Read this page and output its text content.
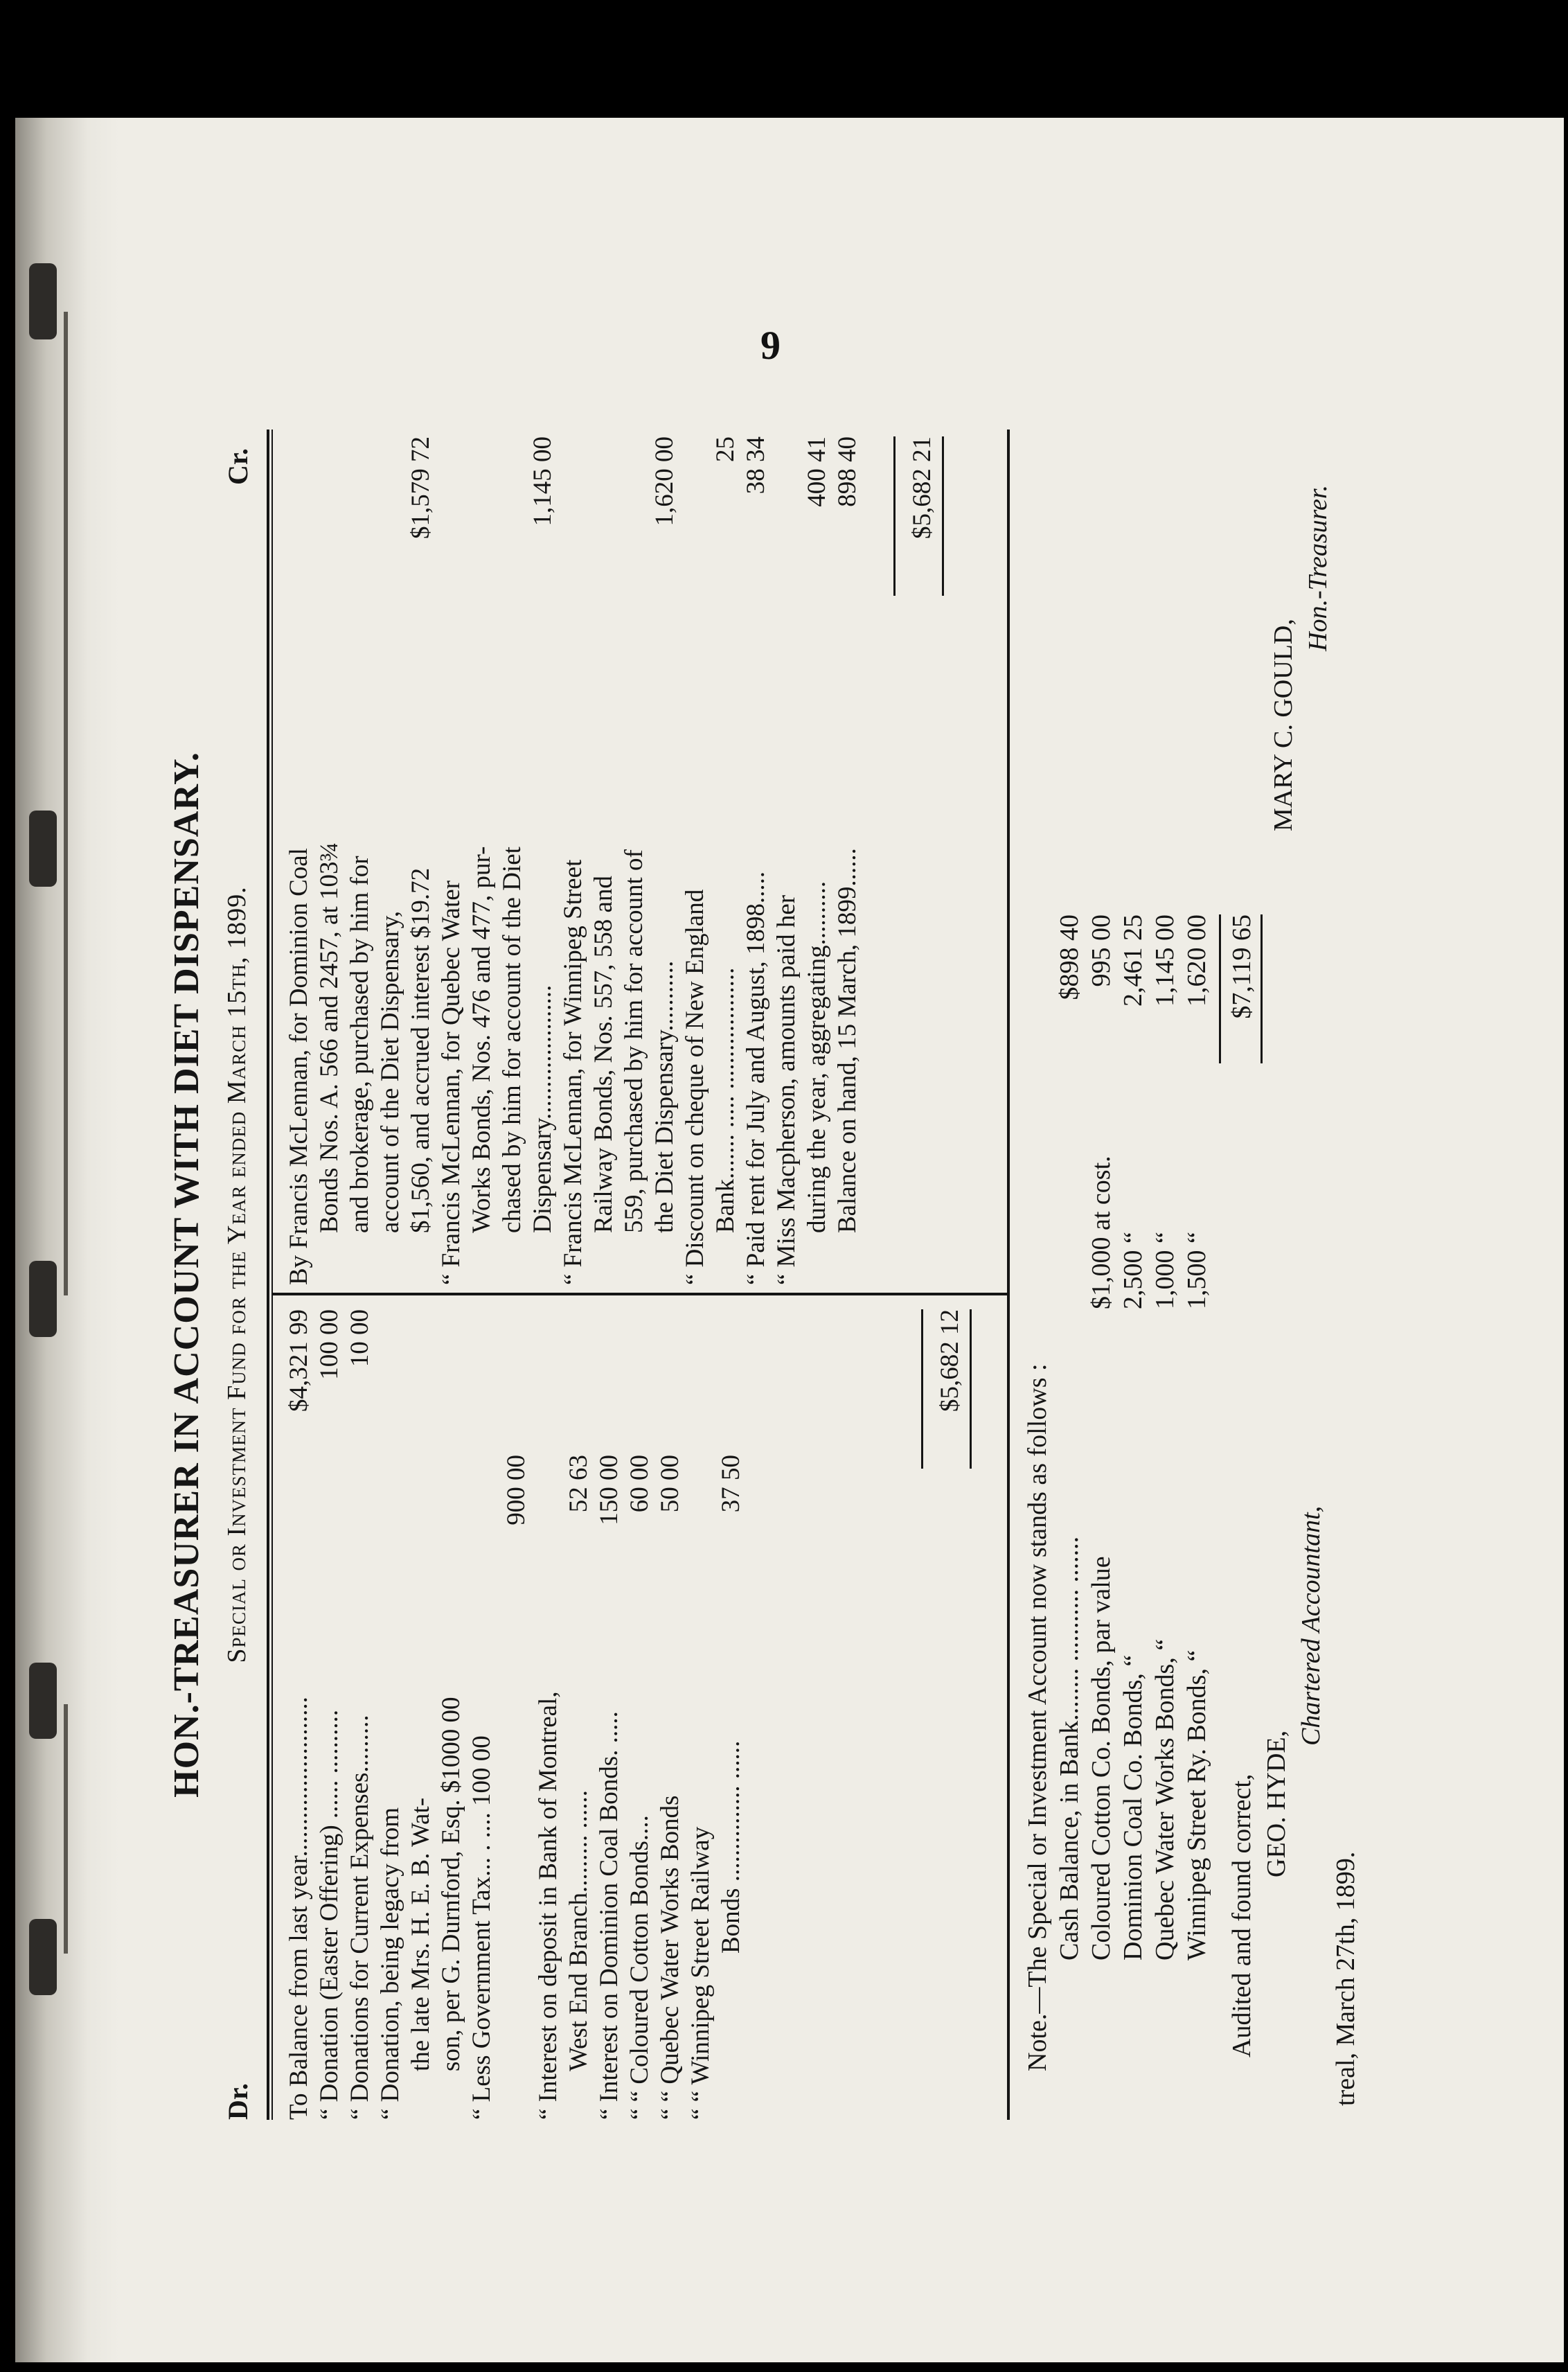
9
HON.-TREASURER IN ACCOUNT WITH DIET DISPENSARY.
Dr.
Special or Investment Fund for the Year ended March 15th, 1899.
Cr.
To Balance from last year......................... “ Donation (Easter Offering) ...... .......... “ Donations for Current Expenses......... “ Donation, being legacy from the late Mrs. H. E. B. Wat- son, per G. Durnford, Esq. $1000 00 “ Less Government Tax... . .... 100 00 “ Interest on deposit in Bank of Montreal, West End Branch......... ...... “ Interest on Dominion Coal Bonds. ..... “ “ Coloured Cotton Bonds.... “ “ Quebec Water Works Bonds “ “ Winnipeg Street Railway Bonds ............... ......
$4,321 99 100 00 10 00
900 00 52 63 150 00 60 00 50 00 37 50
$5,682 12
By Francis McLennan, for Dominion Coal Bonds Nos. A. 566 and 2457, at 103¾ and brokerage, purchased by him for account of the Diet Dispensary, $1,560, and accrued interest $19.72 “ Francis McLennan, for Quebec Water Works Bonds, Nos. 476 and 477, pur- chased by him for account of the Diet Dispensary..................... “ Francis McLennan, for Winnipeg Street Railway Bonds, Nos. 557, 558 and 559, purchased by him for account of the Diet Dispensary........... “ Discount on cheque of New England Bank....... ..... ................... “ Paid rent for July and August, 1898..... “ Miss Macpherson, amounts paid her during the year, aggregating.......... Balance on hand, 15 March, 1899......
$1,579 72	1,145 00	1,620 00 25 38 34 400 41 898 40 $5,682 21
Note.—The Special or Investment Account now stands as follows : Cash Balance, in Bank........ ........... .......
$898 40
Coloured Cotton Co. Bonds, par value
$1,000 at cost.
995 00
Dominion Coal Co. Bonds, “
2,500 “
2,461 25
Quebec Water Works Bonds, “
1,000 “
1,145 00
Winnipeg Street Ry. Bonds, “
1,500 “
1,620 00 $7,119 65
MARY C. GOULD,
Hon.-Treasurer.
Audited and found correct, GEO. HYDE,
Chartered Accountant,
treal, March 27th, 1899.
